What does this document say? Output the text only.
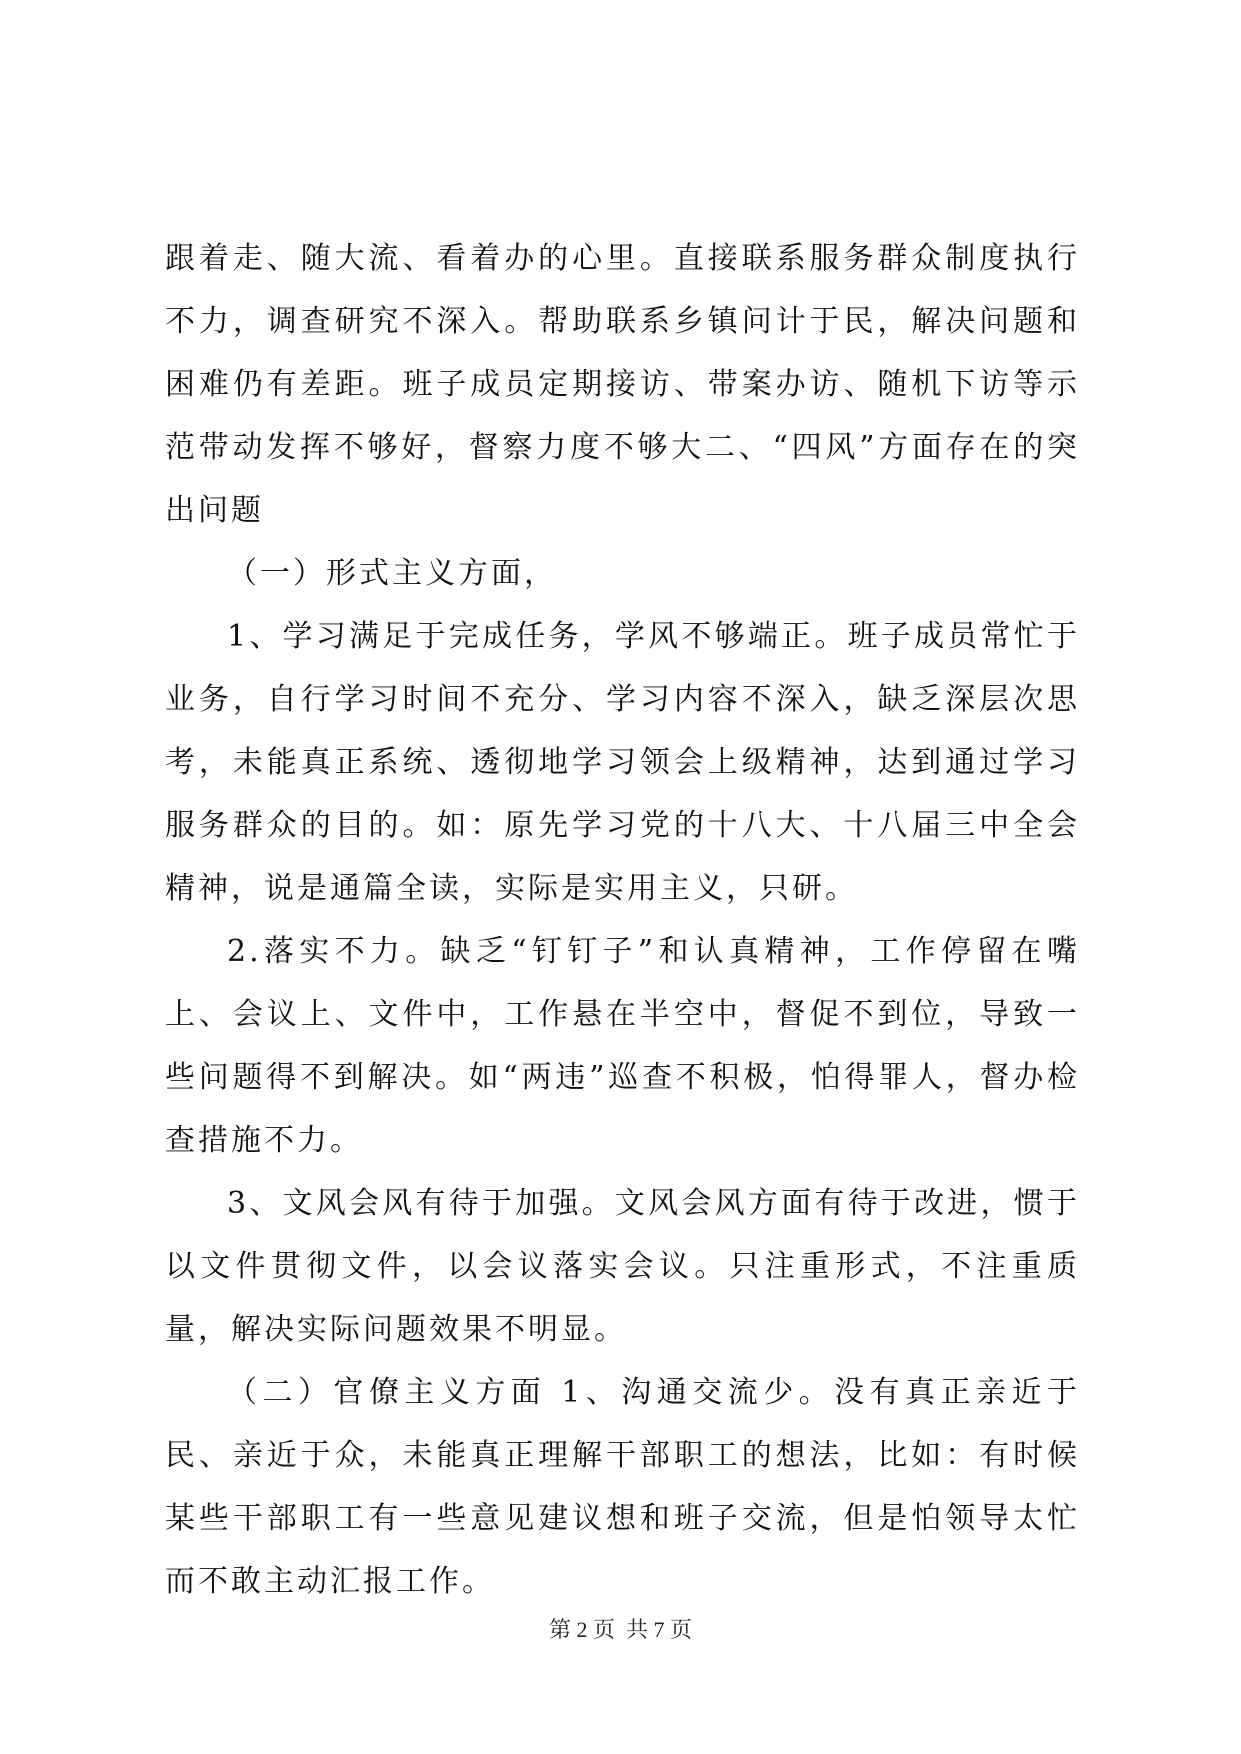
跟着走、随大流、看着办的心里。直接联系服务群众制度执行不力，调查研究不深入。帮助联系乡镇问计于民，解决问题和困难仍有差距。班子成员定期接访、带案办访、随机下访等示范带动发挥不够好，督察力度不够大二、“四风”方面存在的突出问题

（一）形式主义方面，

1、学习满足于完成任务，学风不够端正。班子成员常忙于业务，自行学习时间不充分、学习内容不深入，缺乏深层次思考，未能真正系统、透彻地学习领会上级精神，达到通过学习服务群众的目的。如：原先学习党的十八大、十八届三中全会精神，说是通篇全读，实际是实用主义，只研。

2.落实不力。缺乏“钉钉子”和认真精神，工作停留在嘴上、会议上、文件中，工作悬在半空中，督促不到位，导致一些问题得不到解决。如“两违”巡查不积极，怕得罪人，督办检查措施不力。

3、文风会风有待于加强。文风会风方面有待于改进，惯于以文件贯彻文件，以会议落实会议。只注重形式，不注重质量，解决实际问题效果不明显。

（二）官僚主义方面 1、沟通交流少。没有真正亲近于民、亲近于众，未能真正理解干部职工的想法，比如：有时候某些干部职工有一些意见建议想和班子交流，但是怕领导太忙而不敢主动汇报工作。

第 2 页  共 7 页
